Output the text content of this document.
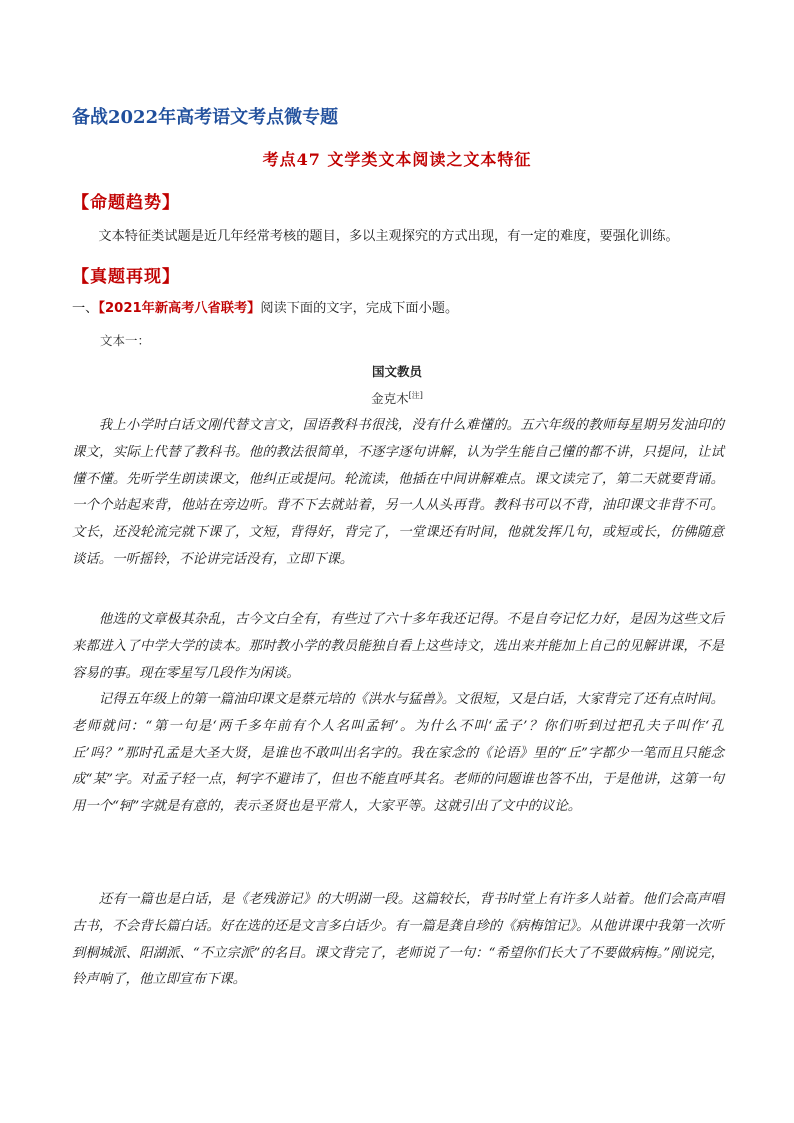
备战2022年高考语文考点微专题
考点47 文学类文本阅读之文本特征
【命题趋势】
文本特征类试题是近几年经常考核的题目，多以主观探究的方式出现，有一定的难度，要强化训练。
【真题再现】
一、【2021年新高考八省联考】阅读下面的文字，完成下面小题。
文本一：
国文教员
金克木[注]
我上小学时白话文刚代替文言文，国语教科书很浅，没有什么难懂的。五六年级的教师每星期另发油印的课文，实际上代替了教科书。他的教法很简单，不逐字逐句讲解，认为学生能自己懂的都不讲，只提问，让试懂不懂。先听学生朗读课文，他纠正或提问。轮流读，他插在中间讲解难点。课文读完了，第二天就要背诵。一个个站起来背，他站在旁边听。背不下去就站着，另一人从头再背。教科书可以不背，油印课文非背不可。文长，还没轮流完就下课了，文短，背得好，背完了，一堂课还有时间，他就发挥几句，或短或长，仿佛随意谈话。一听摇铃，不论讲完话没有，立即下课。
他选的文章极其杂乱，古今文白全有，有些过了六十多年我还记得。不是自夸记忆力好，是因为这些文后来都进入了中学大学的读本。那时教小学的教员能独自看上这些诗文，选出来并能加上自己的见解讲课，不是容易的事。现在零星写几段作为闲谈。
记得五年级上的第一篇油印课文是蔡元培的《洪水与猛兽》。文很短，又是白话，大家背完了还有点时间。老师就问：“第一句是‘两千多年前有个人名叫孟轲’。为什么不叫‘孟子’？你们听到过把孔夫子叫作‘孔丘’吗？”那时孔孟是大圣大贤，是谁也不敢叫出名字的。我在家念的《论语》里的“丘”字都少一笔而且只能念成“某”字。对孟子轻一点，轲字不避讳了，但也不能直呼其名。老师的问题谁也答不出，于是他讲，这第一句用一个“轲”字就是有意的，表示圣贤也是平常人，大家平等。这就引出了文中的议论。
还有一篇也是白话，是《老残游记》的大明湖一段。这篇较长，背书时堂上有许多人站着。他们会高声唱古书，不会背长篇白话。好在选的还是文言多白话少。有一篇是龚自珍的《病梅馆记》。从他讲课中我第一次听到桐城派、阳湖派、“不立宗派”的名目。课文背完了，老师说了一句：“希望你们长大了不要做病梅。”刚说完，铃声响了，他立即宣布下课。
